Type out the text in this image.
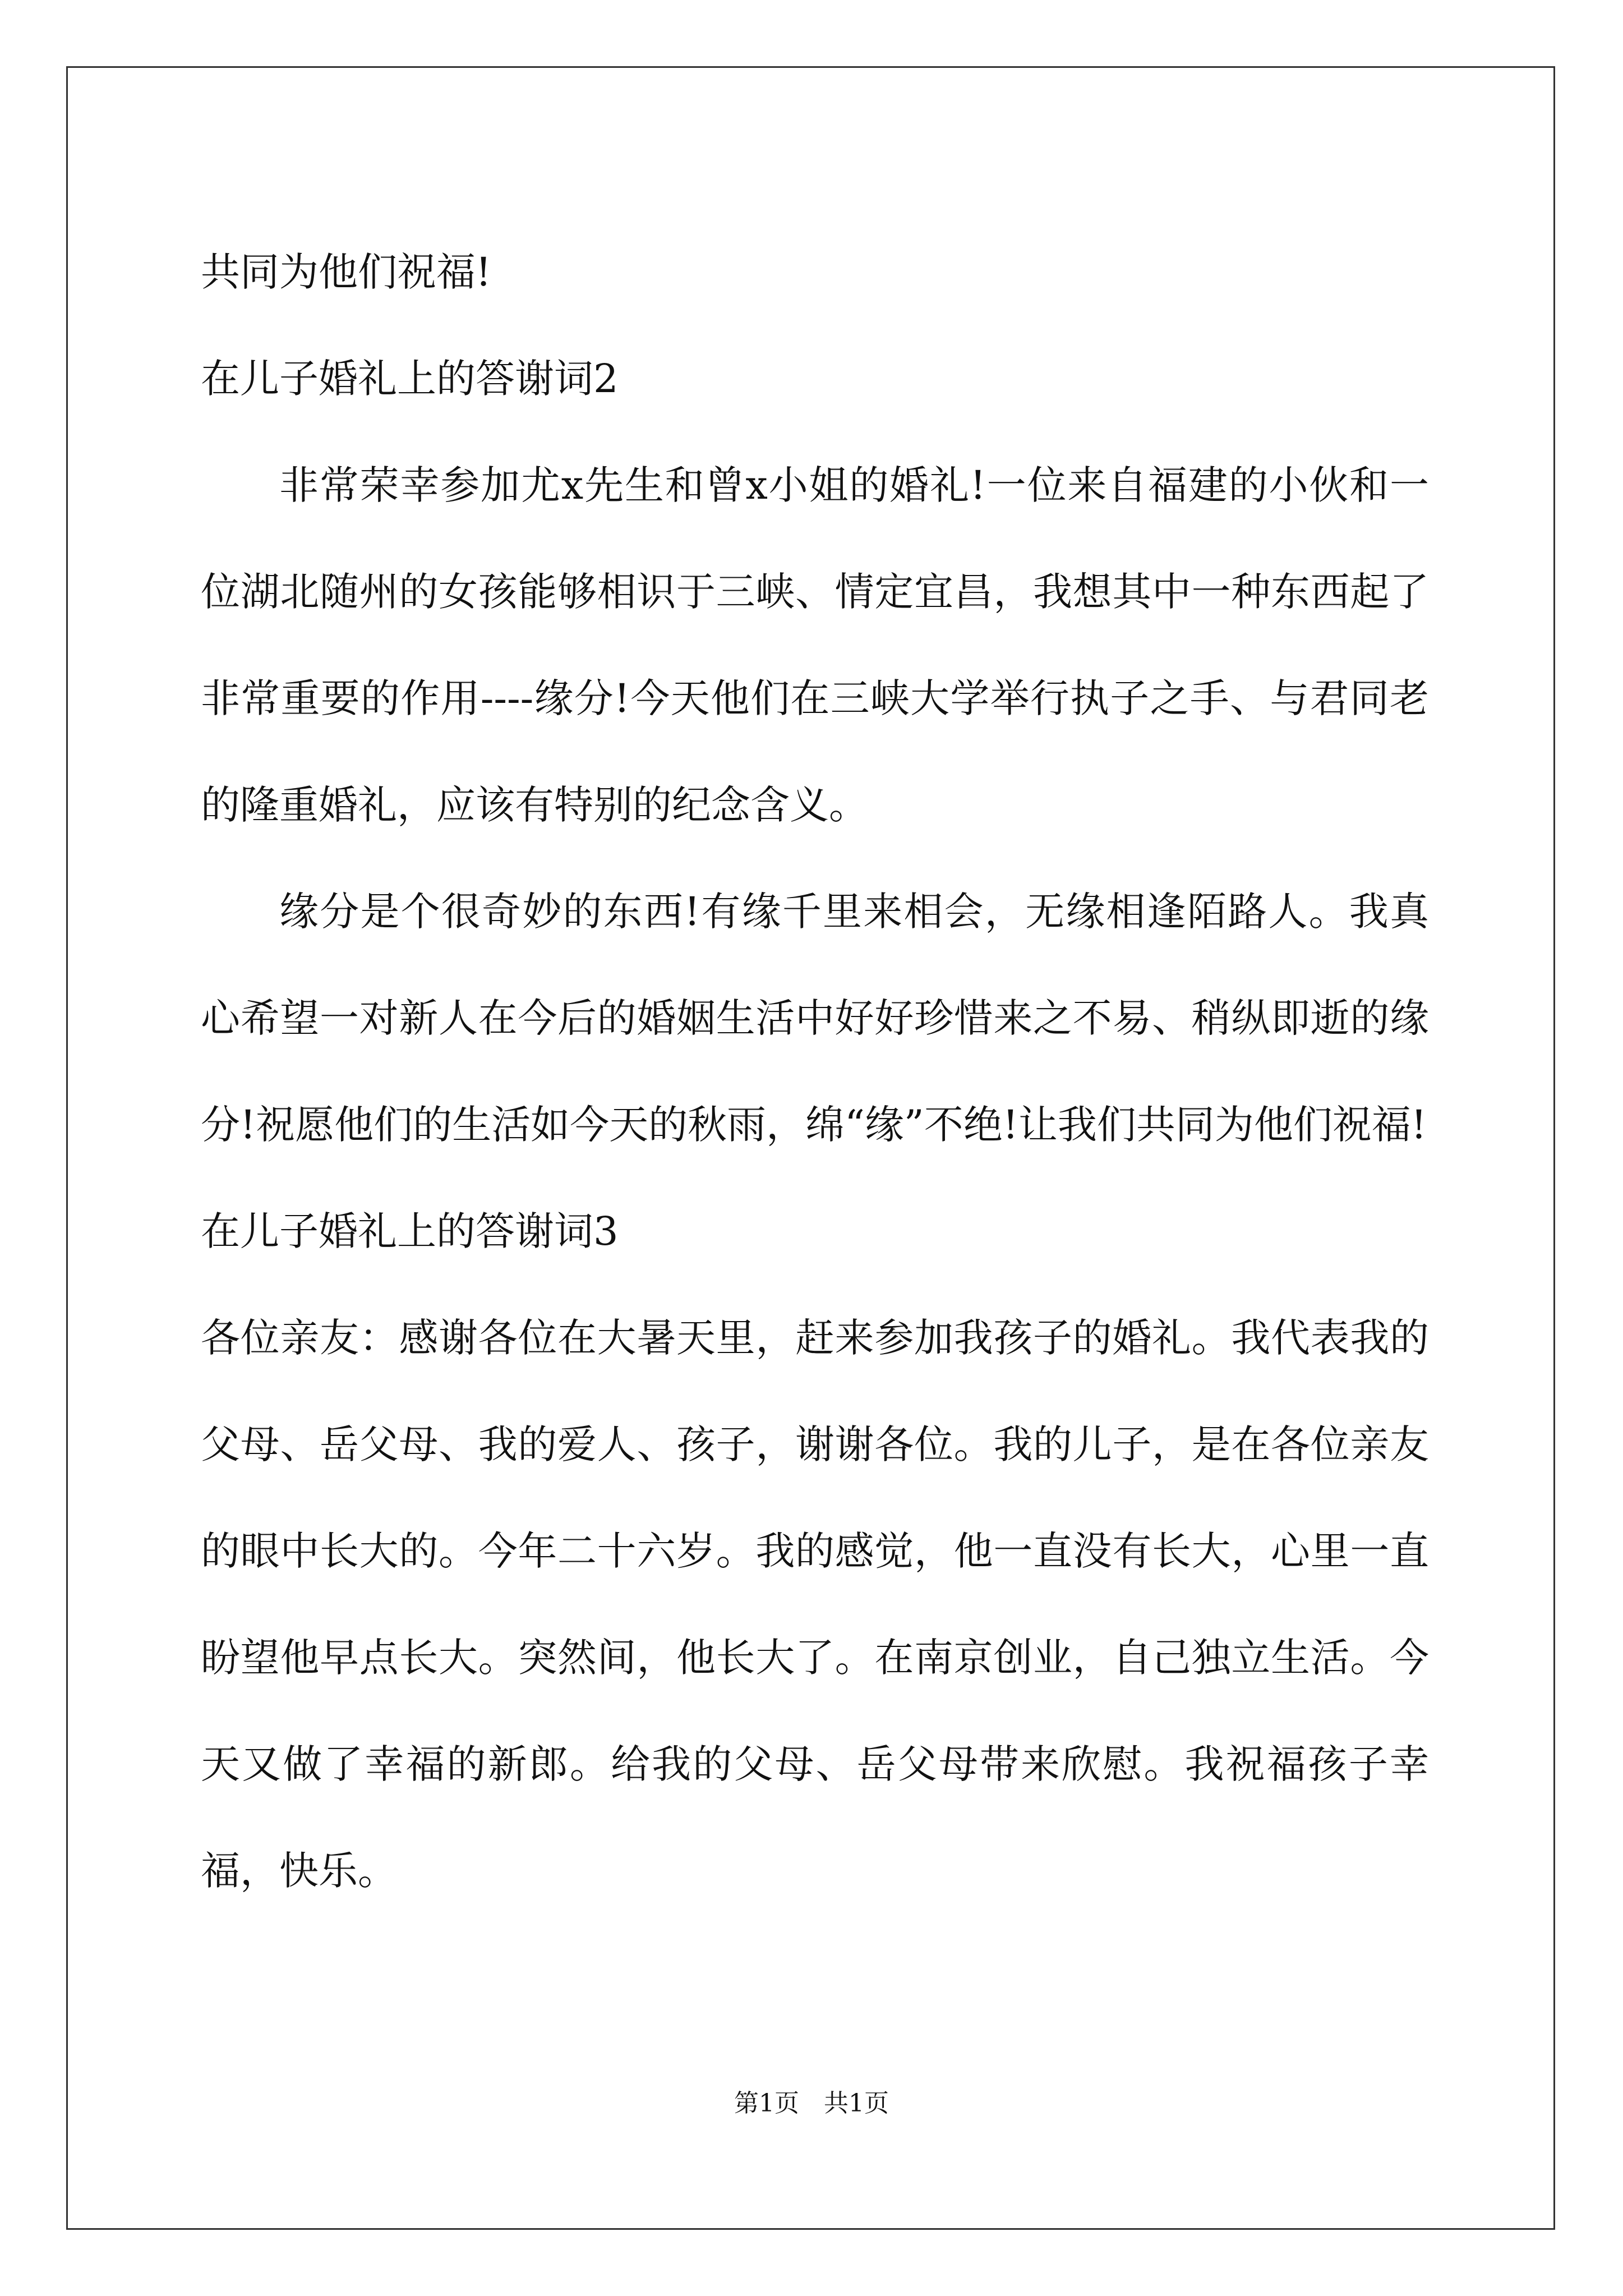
共同为他们祝福!

在儿子婚礼上的答谢词2

非常荣幸参加尤x先生和曾x小姐的婚礼!一位来自福建的小伙和一位湖北随州的女孩能够相识于三峡、情定宜昌，我想其中一种东西起了非常重要的作用----缘分!今天他们在三峡大学举行执子之手、与君同老的隆重婚礼，应该有特别的纪念含义。

缘分是个很奇妙的东西!有缘千里来相会，无缘相逢陌路人。我真心希望一对新人在今后的婚姻生活中好好珍惜来之不易、稍纵即逝的缘分!祝愿他们的生活如今天的秋雨，绵“缘”不绝!让我们共同为他们祝福!

在儿子婚礼上的答谢词3

各位亲友：感谢各位在大暑天里，赶来参加我孩子的婚礼。我代表我的父母、岳父母、我的爱人、孩子，谢谢各位。我的儿子，是在各位亲友的眼中长大的。今年二十六岁。我的感觉，他一直没有长大，心里一直盼望他早点长大。突然间，他长大了。在南京创业，自己独立生活。今天又做了幸福的新郎。给我的父母、岳父母带来欣慰。我祝福孩子幸福，快乐。

第1页　共1页
